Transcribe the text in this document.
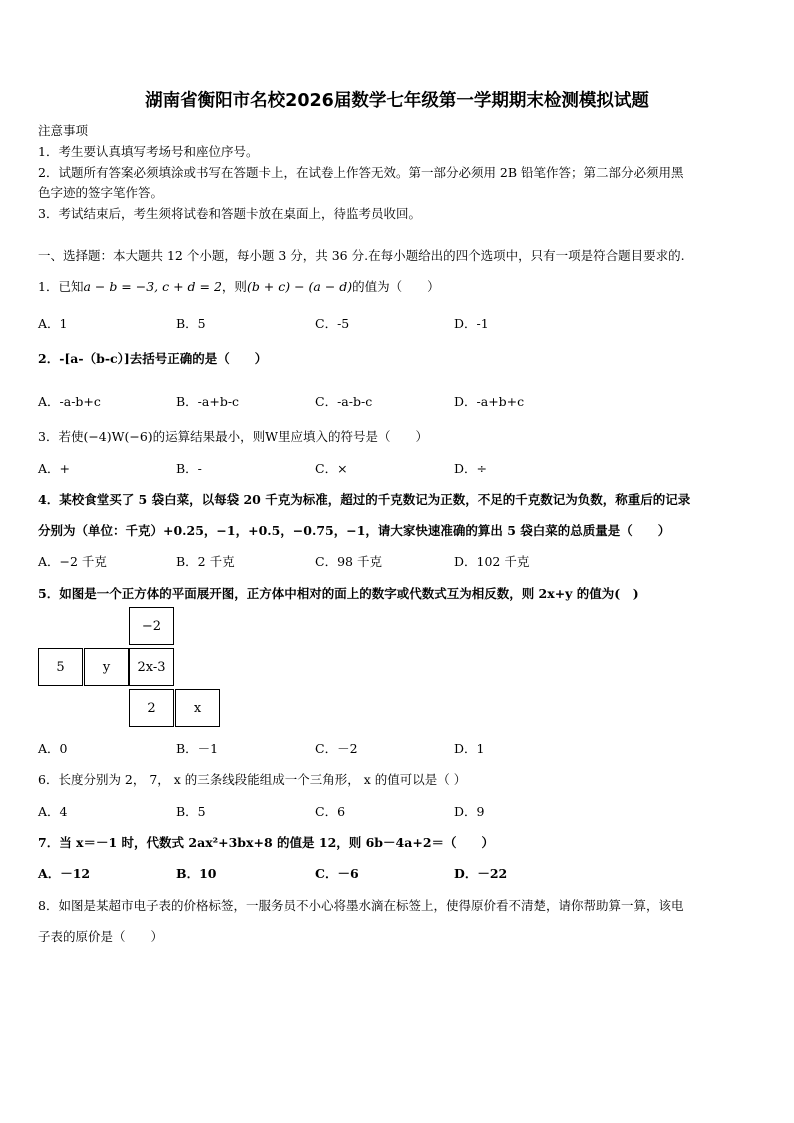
湖南省衡阳市名校2026届数学七年级第一学期期末检测模拟试题
注意事项
1．考生要认真填写考场号和座位序号。
2．试题所有答案必须填涂或书写在答题卡上，在试卷上作答无效。第一部分必须用 2B 铅笔作答；第二部分必须用黑
色字迹的签字笔作答。
3．考试结束后，考生须将试卷和答题卡放在桌面上，待监考员收回。
一、选择题：本大题共 12 个小题，每小题 3 分，共 36 分.在每小题给出的四个选项中，只有一项是符合题目要求的.
1．已知a − b = −3, c + d = 2，则(b + c) − (a − d)的值为（　　）
A．1	B．5	C．-5	D．-1
2．-[a-（b-c）]去括号正确的是（　　）
A．-a-b+c	B．-a+b-c	C．-a-b-c	D．-a+b+c
3．若使(−4)W(−6)的运算结果最小，则W里应填入的符号是（　　）
A．+	B．-	C．×	D．÷
4．某校食堂买了 5 袋白菜，以每袋 20 千克为标准，超过的千克数记为正数，不足的千克数记为负数，称重后的记录
分别为（单位：千克）+0.25，−1，+0.5，−0.75，−1，请大家快速准确的算出 5 袋白菜的总质量是（　　）
A．−2 千克	B．2 千克	C．98 千克	D．102 千克
5．如图是一个正方体的平面展开图，正方体中相对的面上的数字或代数式互为相反数，则 2x+y 的值为(　)
−2
5	y	2x-3
2	x
A．0	B．－1	C．－2	D．1
6．长度分别为 2， 7， x 的三条线段能组成一个三角形， x 的值可以是（ ）
A．4	B．5	C．6	D．9
7．当 x＝－1 时，代数式 2ax²+3bx+8 的值是 12，则 6b－4a+2＝（　　）
A．－12	B．10	C．－6	D．－22
8．如图是某超市电子表的价格标签，一服务员不小心将墨水滴在标签上，使得原价看不清楚，请你帮助算一算，该电
子表的原价是（　　）
